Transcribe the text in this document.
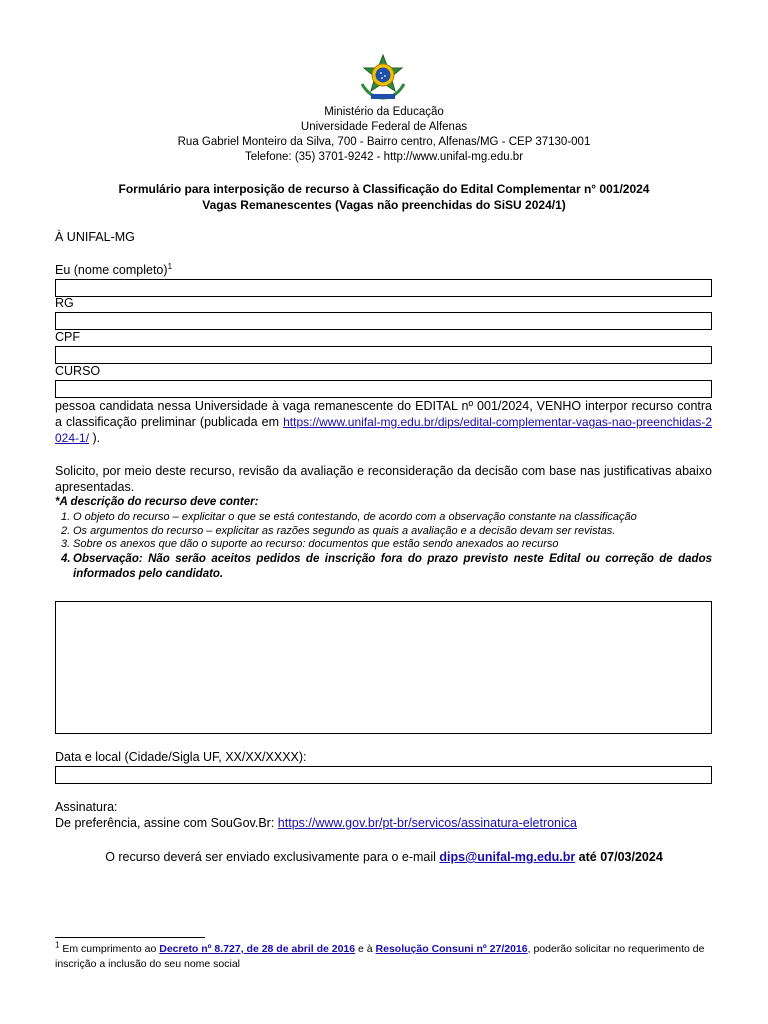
Ministério da Educação
Universidade Federal de Alfenas
Rua Gabriel Monteiro da Silva, 700 - Bairro centro, Alfenas/MG - CEP 37130-001
Telefone: (35) 3701-9242 - http://www.unifal-mg.edu.br
Formulário para interposição de recurso à Classificação do Edital Complementar n° 001/2024
Vagas Remanescentes (Vagas não preenchidas do SiSU 2024/1)
À UNIFAL-MG
Eu (nome completo)$^1$
RG
CPF
CURSO
pessoa candidata nessa Universidade à vaga remanescente do EDITAL nº 001/2024, VENHO interpor recurso contra a classificação preliminar (publicada em https://www.unifal-mg.edu.br/dips/edital-complementar-vagas-nao-preenchidas-2024-1/ ).
Solicito, por meio deste recurso, revisão da avaliação e reconsideração da decisão com base nas justificativas abaixo apresentadas.
*A descrição do recurso deve conter:
1. O objeto do recurso – explicitar o que se está contestando, de acordo com a observação constante na classificação
2. Os argumentos do recurso – explicitar as razões segundo as quais a avaliação e a decisão devam ser revistas.
3. Sobre os anexos que dão o suporte ao recurso: documentos que estão sendo anexados ao recurso
4. Observação: Não serão aceitos pedidos de inscrição fora do prazo previsto neste Edital ou correção de dados informados pelo candidato.
Data e local (Cidade/Sigla UF, XX/XX/XXXX):
Assinatura:
De preferência, assine com SouGov.Br: https://www.gov.br/pt-br/servicos/assinatura-eletronica
O recurso deverá ser enviado exclusivamente para o e-mail dips@unifal-mg.edu.br até 07/03/2024
$^1$ Em cumprimento ao Decreto nº 8.727, de 28 de abril de 2016 e à Resolução Consuni nº 27/2016, poderão solicitar no requerimento de inscrição a inclusão do seu nome social
